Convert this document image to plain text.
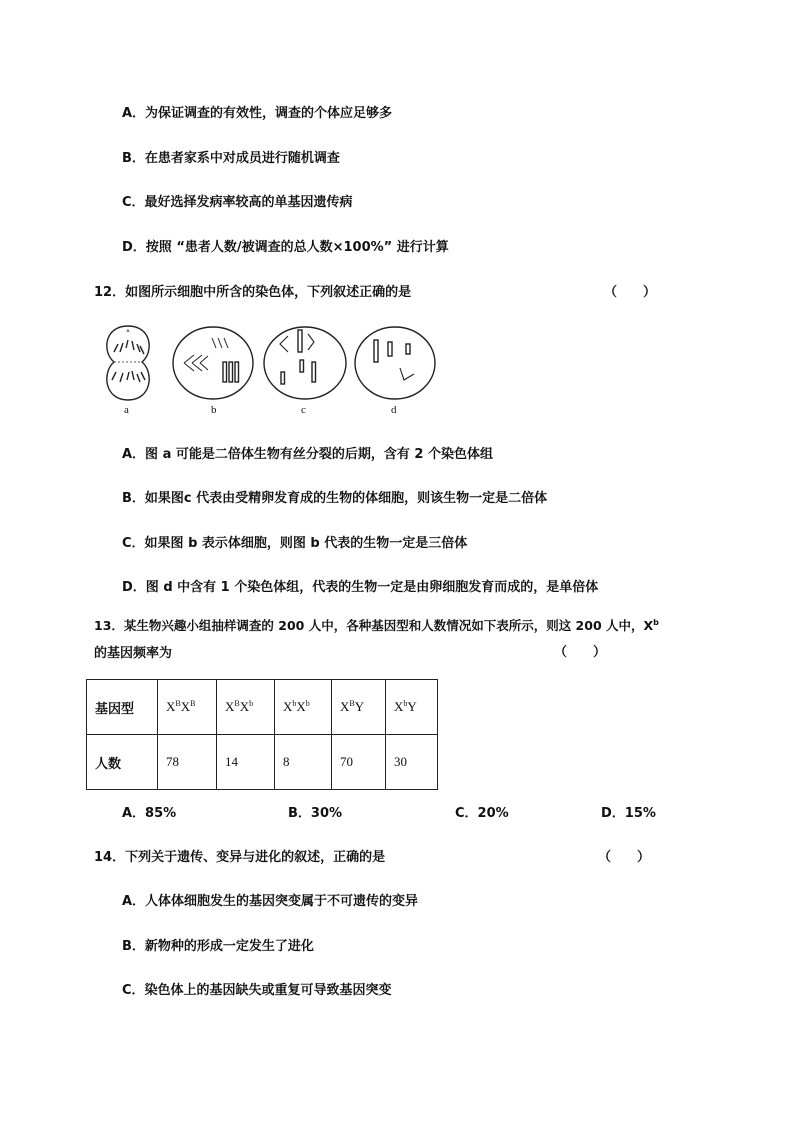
A．为保证调查的有效性，调查的个体应足够多
B．在患者家系中对成员进行随机调查
C．最好选择发病率较高的单基因遗传病
D．按照 “患者人数/被调查的总人数×100%” 进行计算
12．如图所示细胞中所含的染色体，下列叙述正确的是	（　　）
ᐞ
a	b	c	d
A．图 a 可能是二倍体生物有丝分裂的后期，含有 2 个染色体组
B．如果图c 代表由受精卵发育成的生物的体细胞，则该生物一定是二倍体
C．如果图 b 表示体细胞，则图 b 代表的生物一定是三倍体
D．图 d 中含有 1 个染色体组，代表的生物一定是由卵细胞发育而成的，是单倍体
13．某生物兴趣小组抽样调查的 200 人中，各种基因型和人数情况如下表所示，则这 200 人中，$X^b$
的基因频率为	（　　）
基因型	$X^BX^B$	$X^BX^b$	$X^bX^b$	$X^BY$	$X^bY$
人数	78	14	8	70	30
A．85%	B．30%	C．20%	D．15%
14．下列关于遗传、变异与进化的叙述，正确的是	（　　）
A．人体体细胞发生的基因突变属于不可遗传的变异
B．新物种的形成一定发生了进化
C．染色体上的基因缺失或重复可导致基因突变
